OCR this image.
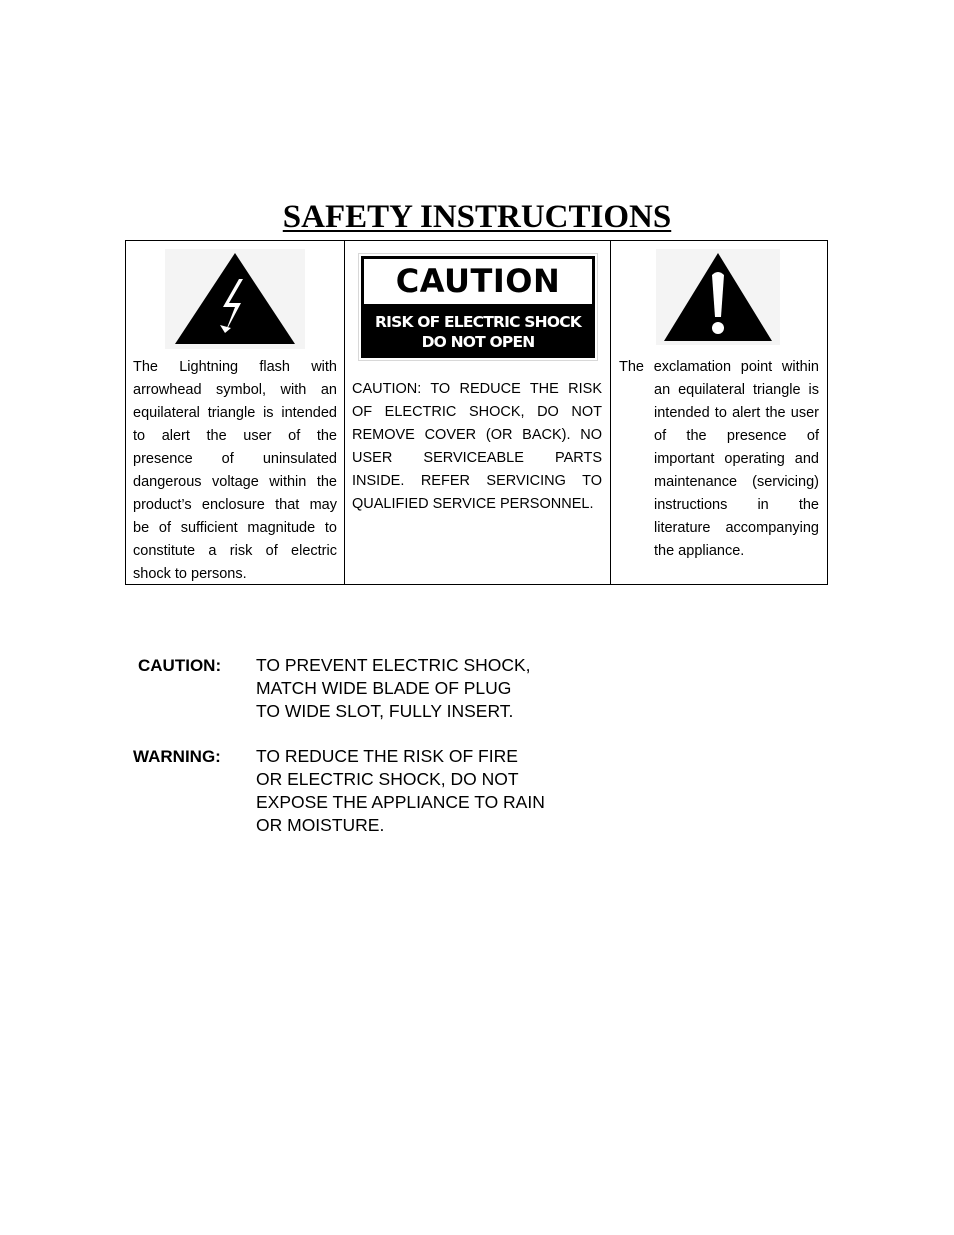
SAFETY INSTRUCTIONS

The Lightning flash with arrowhead symbol, with an equilateral triangle is intended to alert the user of the presence of uninsulated dangerous voltage within the product’s enclosure that may be of sufficient magnitude to constitute a risk of electric shock to persons.

CAUTION
RISK OF ELECTRIC SHOCK
DO NOT OPEN

CAUTION: TO REDUCE THE RISK OF ELECTRIC SHOCK, DO NOT REMOVE COVER (OR BACK). NO USER SERVICEABLE PARTS INSIDE. REFER SERVICING TO QUALIFIED SERVICE PERSONNEL.

The exclamation point within an equilateral triangle is intended to alert the user of the presence of important operating and maintenance (servicing) instructions in the literature accompanying the appliance.

CAUTION: TO PREVENT ELECTRIC SHOCK,
MATCH WIDE BLADE OF PLUG
TO WIDE SLOT, FULLY INSERT.
WARNING: TO REDUCE THE RISK OF FIRE
OR ELECTRIC SHOCK, DO NOT
EXPOSE THE APPLIANCE TO RAIN
OR MOISTURE.
